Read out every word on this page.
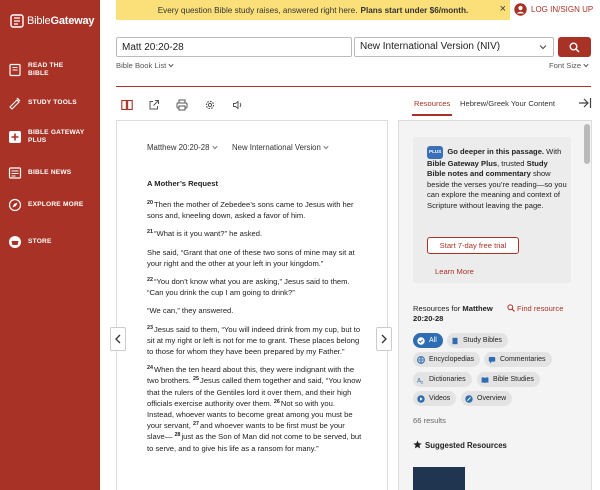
BibleGateway
READ THE BIBLE
STUDY TOOLS
BIBLE GATEWAY PLUS
BIBLE NEWS
EXPLORE MORE
STORE
Every question Bible study raises, answered right here. Plans start under $6/month.	×	LOG IN/SIGN UP
Matt 20:20-28
New International Version (NIV)
Bible Book List	Font Size
Resources Hebrew/Greek Your Content
Matthew 20:20-28	New International Version
A Mother’s Request

$^{20}$Then the mother of Zebedee’s sons came to Jesus with her sons and, kneeling down, asked a favor of him.

$^{21}$“What is it you want?” he asked.

She said, “Grant that one of these two sons of mine may sit at your right and the other at your left in your kingdom.”

$^{22}$“You don’t know what you are asking,” Jesus said to them. “Can you drink the cup I am going to drink?”

“We can,” they answered.

$^{23}$Jesus said to them, “You will indeed drink from my cup, but to sit at my right or left is not for me to grant. These places belong to those for whom they have been prepared by my Father.”

$^{24}$When the ten heard about this, they were indignant with the two brothers. $^{25}$Jesus called them together and said, “You know that the rulers of the Gentiles lord it over them, and their high officials exercise authority over them. $^{26}$Not so with you. Instead, whoever wants to become great among you must be your servant, $^{27}$and whoever wants to be first must be your slave— $^{28}$just as the Son of Man did not come to be served, but to serve, and to give his life as a ransom for many.”

PLUS Go deeper in this passage. With Bible Gateway Plus, trusted Study Bible notes and commentary show beside the verses you’re reading—so you can explore the meaning and context of Scripture without leaving the page.
Start 7-day free trial
Learn More
Resources for Matthew 20:20-28
Find resource
All	Study Bibles
Encyclopedias	Commentaries
A z Dictionaries	Bible Studies
Videos	Overview
66 results
Suggested Resources
